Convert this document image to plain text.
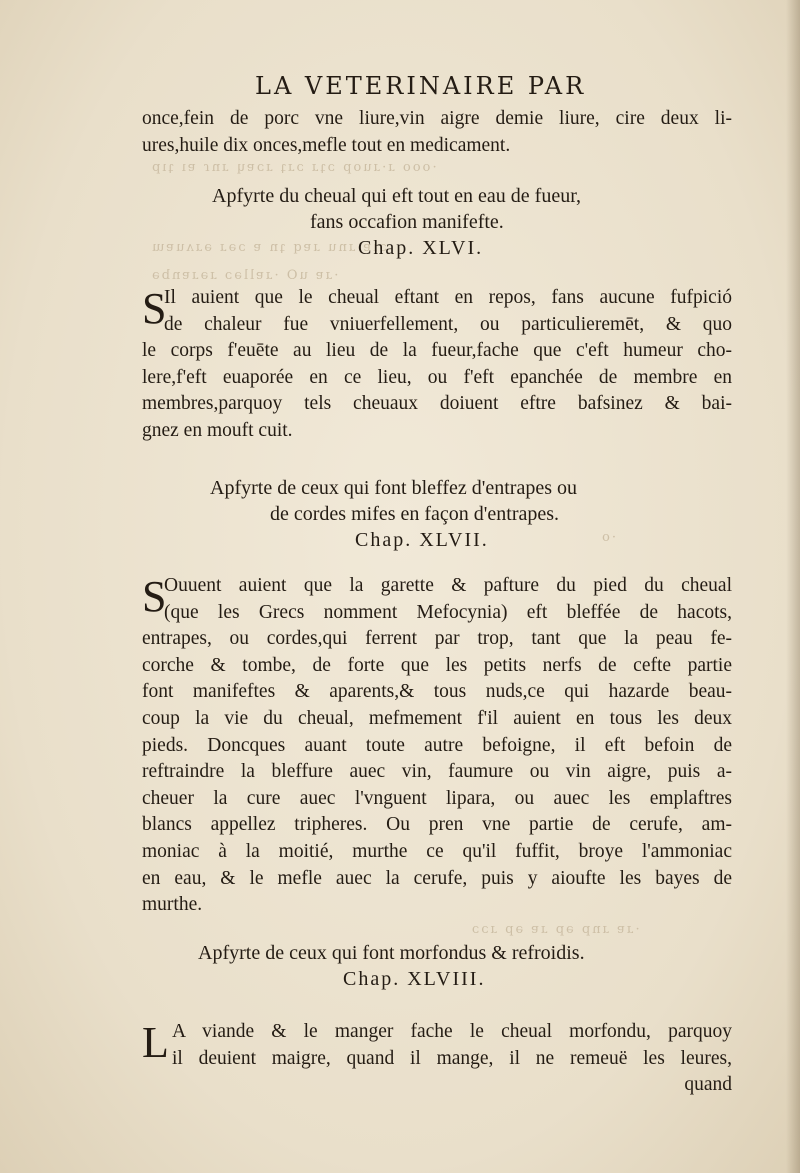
·ooo ɹ·ɹuop ɔʇɹ ɔɹʇ ɹɔɐɥ ɹnɾ ɐı ʇıp
ɔıɐ ɹnu ɹɐq ʇn ɐ ɔǝɹ ǝɹʌuɐɯ
·ɹɐ uO ·ɹɐllǝɔ ɹǝɹɐnbǝ
·o
·ɹɐ ɹnp ǝp ɹɐ ǝp ɹɔɔ
LA VETERINAIRE PAR
once,fein de porc vne liure,vin aigre demie liure, cire deux li-
ures,huile dix onces,mefle tout en medicament.
Apfyrte du cheual qui eft tout en eau de fueur,
fans occafion manifefte.
Chap. XLVI.
S
Il auient que le cheual eftant en repos, fans aucune fufpició
de chaleur fue vniuerfellement, ou particulieremēt, & quo
le corps f'euēte au lieu de la fueur,fache que c'eft humeur cho-
lere,f'eft euaporée en ce lieu, ou f'eft epanchée de membre en
membres,parquoy tels cheuaux doiuent eftre bafsinez & bai-
gnez en mouft cuit.
Apfyrte de ceux qui font bleffez d'entrapes ou
de cordes mifes en façon d'entrapes.
Chap. XLVII.
S
Ouuent auient que la garette & pafture du pied du cheual
(que les Grecs nomment Mefocynia) eft bleffée de hacots,
entrapes, ou cordes,qui ferrent par trop, tant que la peau fe-
corche & tombe, de forte que les petits nerfs de cefte partie
font manifeftes & aparents,& tous nuds,ce qui hazarde beau-
coup la vie du cheual, mefmement f'il auient en tous les deux
pieds. Doncques auant toute autre befoigne, il eft befoin de
reftraindre la bleffure auec vin, faumure ou vin aigre, puis a-
cheuer la cure auec l'vnguent lipara, ou auec les emplaftres
blancs appellez tripheres. Ou pren vne partie de cerufe, am-
moniac à la moitié, murthe ce qu'il fuffit, broye l'ammoniac
en eau, & le mefle auec la cerufe, puis y aioufte les bayes de
murthe.
Apfyrte de ceux qui font morfondus & refroidis.
Chap. XLVIII.
L A viande & le manger fache le cheual morfondu, parquoy
il deuient maigre, quand il mange, il ne remeuë les leures,
quand
